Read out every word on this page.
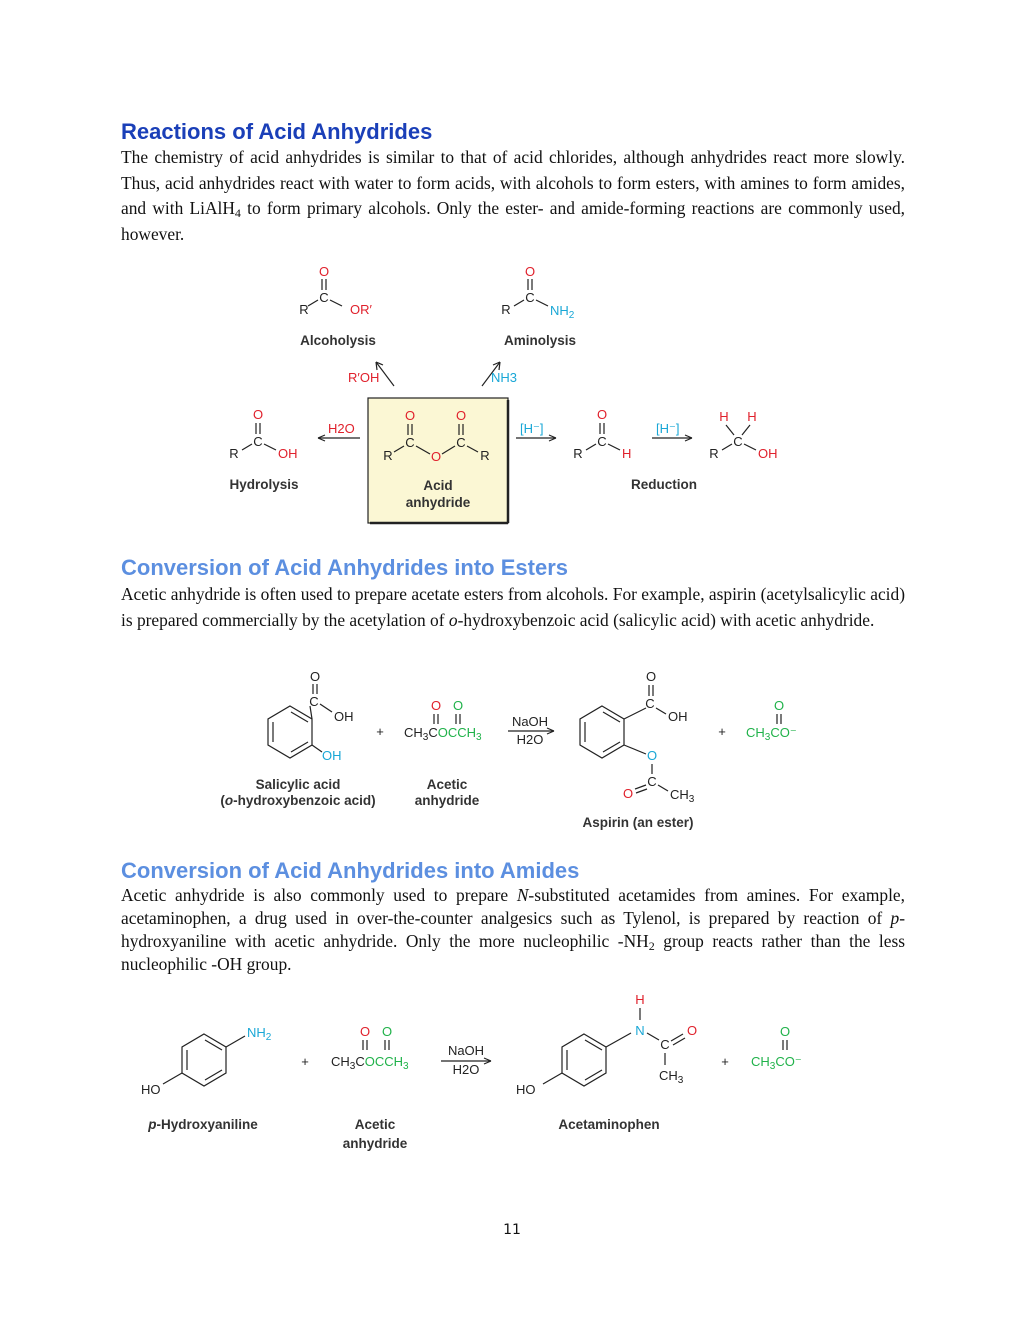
Reactions of Acid Anhydrides

The chemistry of acid anhydrides is similar to that of acid chlorides, although anhydrides react more slowly. Thus, acid anhydrides react with water to form acids, with alcohols to form esters, with amines to form amides, and with LiAlH$_4$ to form primary alcohols. Only the ester- and amide-forming reactions are commonly used, however.

O
C
R	OR′
Alcoholysis
O
C
R	$NH_2$
Aminolysis
R′OH	NH3
O
C
O
C
R	O	R
Acid
anhydride
H2O
O
C
R	OH
Hydrolysis
[H⁻]
O
C
R	H
[H⁻]
H H
C
R	OH
Reduction
Conversion of Acid Anhydrides into Esters

Acetic anhydride is often used to prepare acetate esters from alcohols. For example, aspirin (acetylsalicylic acid) is prepared commercially by the acetylation of o-hydroxybenzoic acid (salicylic acid) with acetic anhydride.

C
O
OH
OH
Salicylic acid
(o-hydroxybenzoic acid)
+
O O
$CH_3COCCH_3$
Acetic
anhydride
NaOH
H2O
C
O
OH
O
C
O	$CH_3$
Aspirin (an ester)
+
O
$CH_3CO^-$
Conversion of Acid Anhydrides into Amides

Acetic anhydride is also commonly used to prepare N-substituted acetamides from amines. For example, acetaminophen, a drug used in over-the-counter analgesics such as Tylenol, is prepared by reaction of p-hydroxyaniline with acetic anhydride. Only the more nucleophilic $-NH_2$ group reacts rather than the less nucleophilic -OH group.

$NH_2$
HO
p-Hydroxyaniline
+
O O
$CH_3COCCH_3$
Acetic
anhydride
NaOH
H2O
H
N
C
O
$CH_3$
HO
Acetaminophen
+
O
$CH_3CO^-$
11
